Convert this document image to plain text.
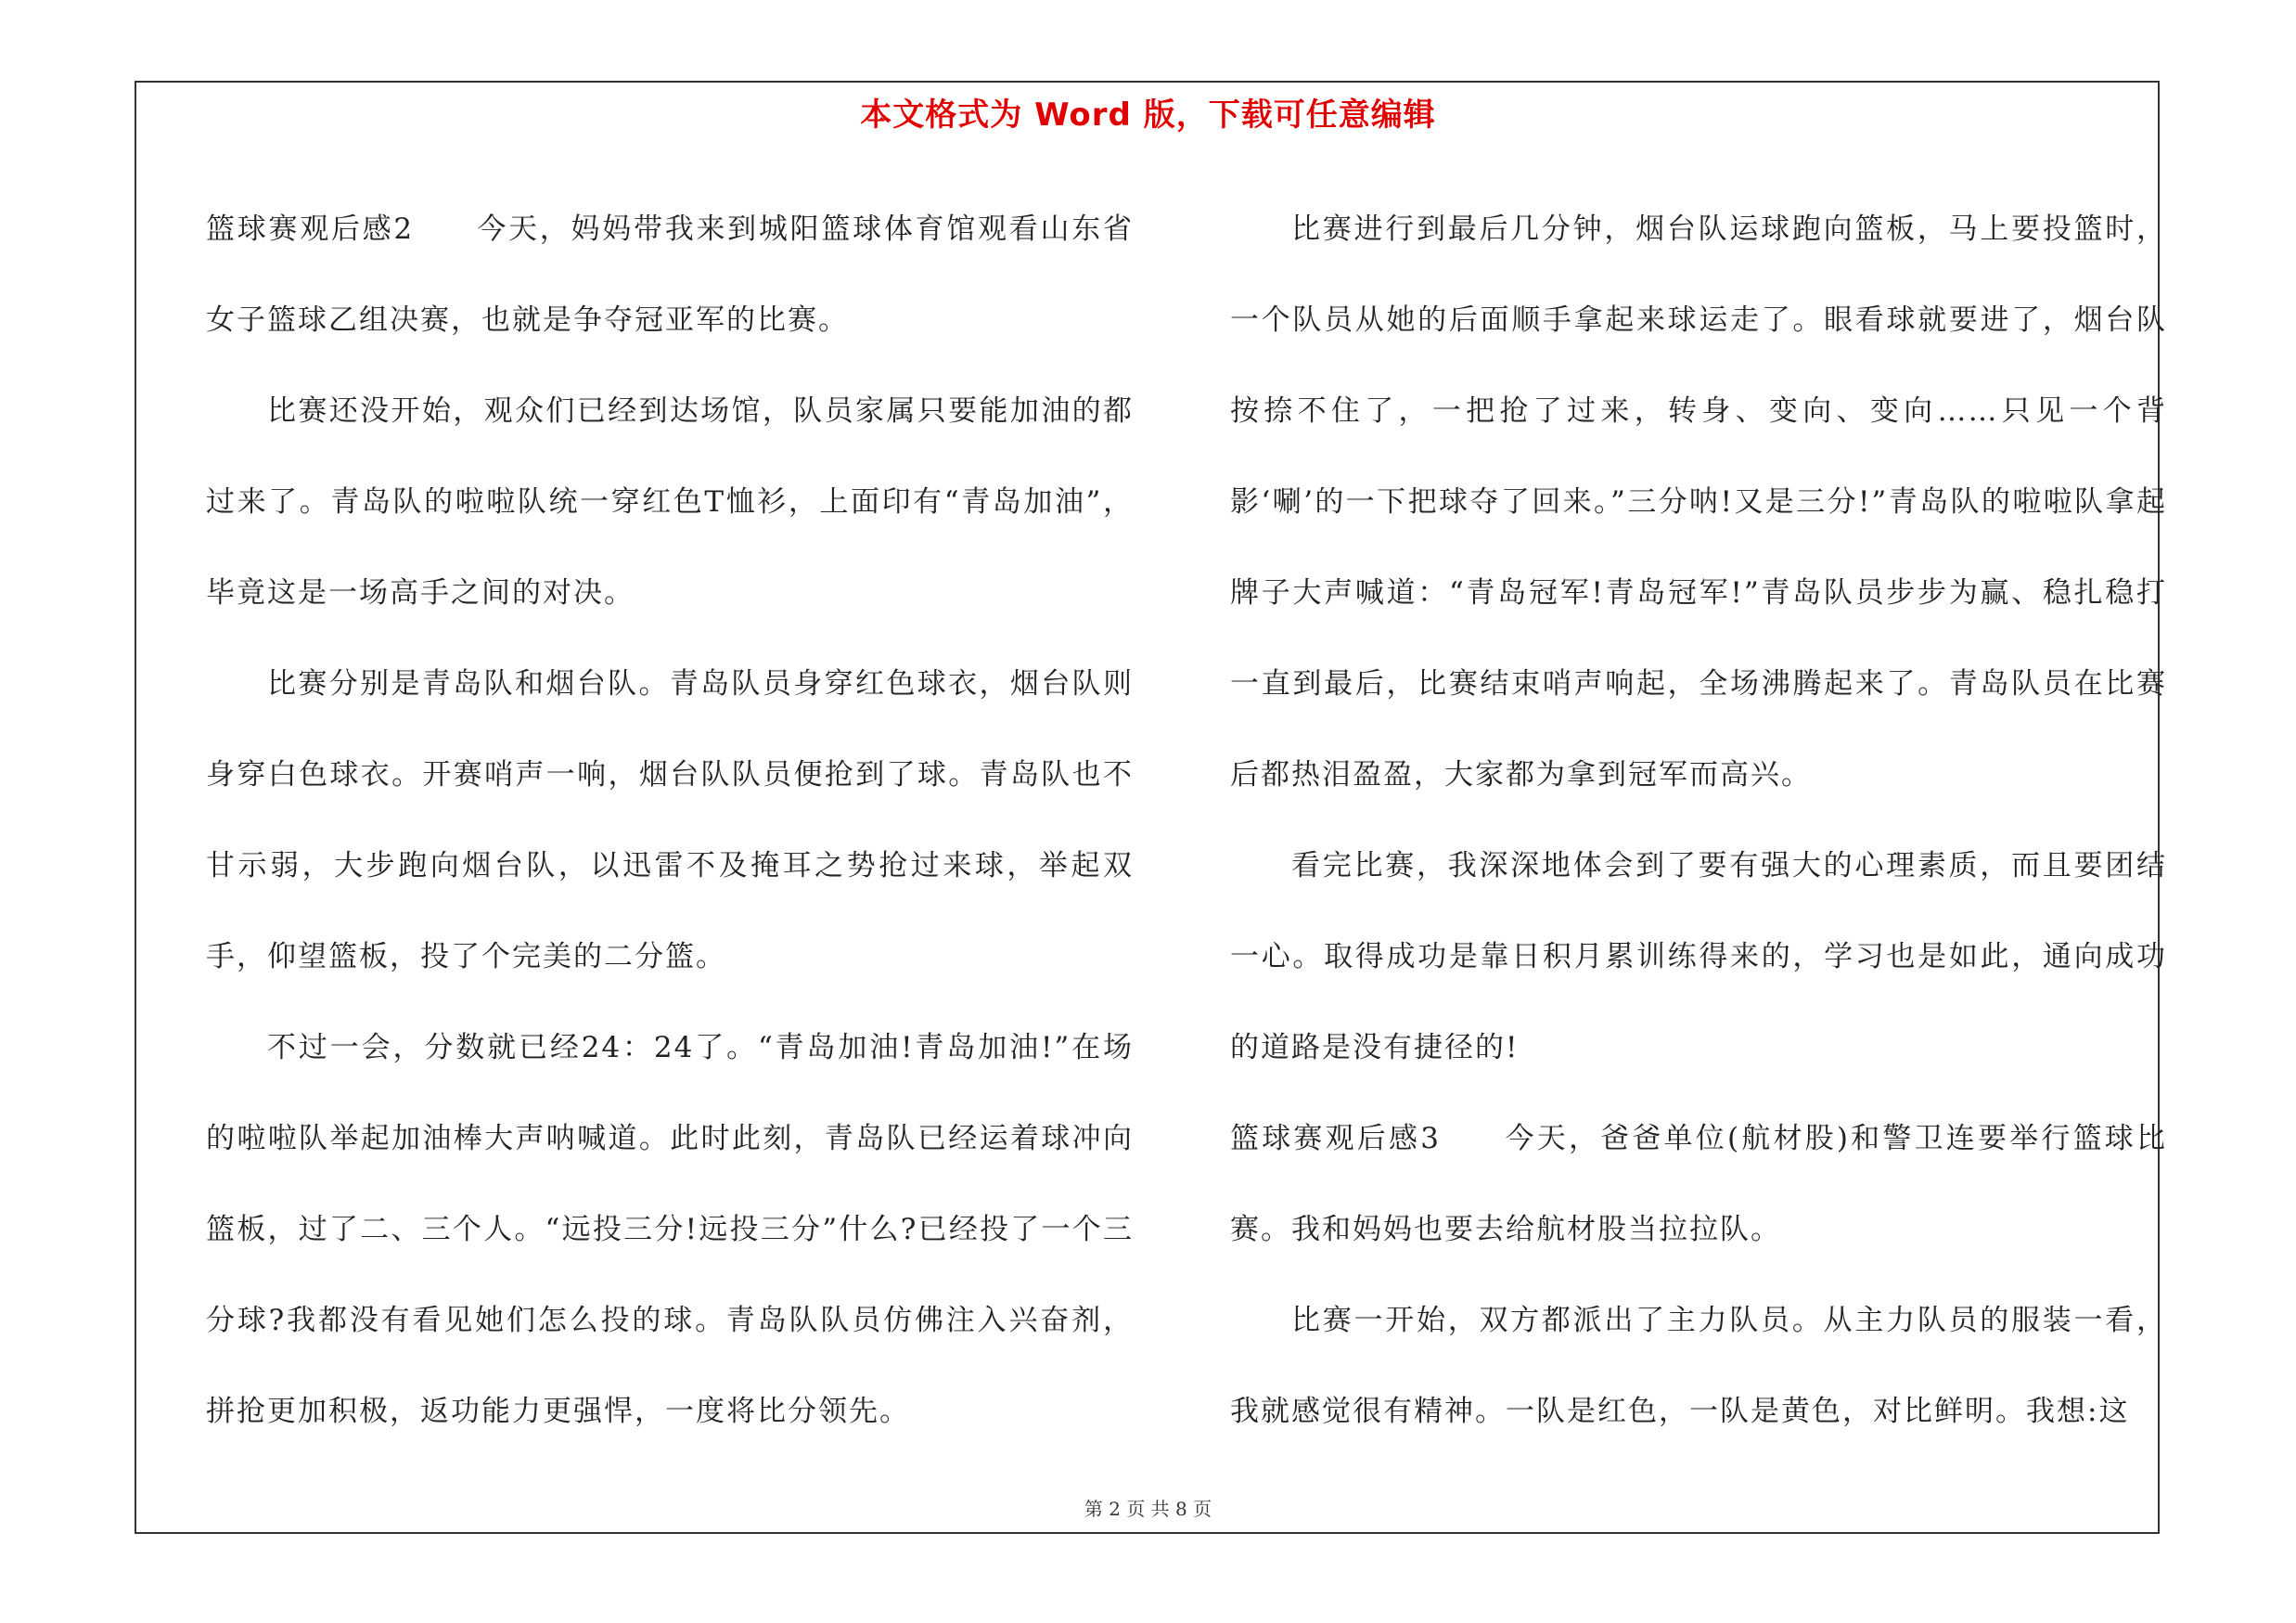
本文格式为 Word 版，下载可任意编辑

篮球赛观后感2　　今天，妈妈带我来到城阳篮球体育馆观看山东省女子篮球乙组决赛，也就是争夺冠亚军的比赛。

比赛还没开始，观众们已经到达场馆，队员家属只要能加油的都过来了。青岛队的啦啦队统一穿红色T恤衫，上面印有“青岛加油”，毕竟这是一场高手之间的对决。

比赛分别是青岛队和烟台队。青岛队员身穿红色球衣，烟台队则身穿白色球衣。开赛哨声一响，烟台队队员便抢到了球。青岛队也不甘示弱，大步跑向烟台队，以迅雷不及掩耳之势抢过来球，举起双手，仰望篮板，投了个完美的二分篮。

不过一会，分数就已经24：24了。“青岛加油!青岛加油!”在场的啦啦队举起加油棒大声呐喊道。此时此刻，青岛队已经运着球冲向篮板，过了二、三个人。“远投三分!远投三分”什么?已经投了一个三分球?我都没有看见她们怎么投的球。青岛队队员仿佛注入兴奋剂，拼抢更加积极，返功能力更强悍，一度将比分领先。

比赛进行到最后几分钟，烟台队运球跑向篮板，马上要投篮时，一个队员从她的后面顺手拿起来球运走了。眼看球就要进了，烟台队按捺不住了，一把抢了过来，转身、变向、变向……只见一个背影‘唰’的一下把球夺了回来。”三分呐!又是三分!”青岛队的啦啦队拿起牌子大声喊道：“青岛冠军!青岛冠军!”青岛队员步步为赢、稳扎稳打一直到最后，比赛结束哨声响起，全场沸腾起来了。青岛队员在比赛后都热泪盈盈，大家都为拿到冠军而高兴。

看完比赛，我深深地体会到了要有强大的心理素质，而且要团结一心。取得成功是靠日积月累训练得来的，学习也是如此，通向成功的道路是没有捷径的!

篮球赛观后感3　　今天，爸爸单位(航材股)和警卫连要举行篮球比赛。我和妈妈也要去给航材股当拉拉队。

比赛一开始，双方都派出了主力队员。从主力队员的服装一看，我就感觉很有精神。一队是红色，一队是黄色，对比鲜明。我想:这

第 2 页 共 8 页
